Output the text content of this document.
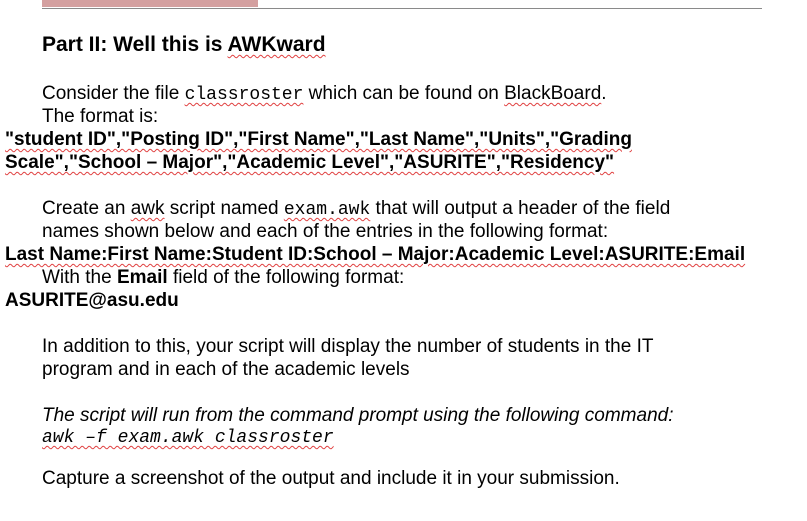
Part II: Well this is AWKward
Consider the file classroster which can be found on BlackBoard.
The format is:
"student ID","Posting ID","First Name","Last Name","Units","Grading
Scale","School – Major","Academic Level","ASURITE","Residency"
Create an awk script named exam.awk that will output a header of the field
names shown below and each of the entries in the following format:
Last Name:First Name:Student ID:School – Major:Academic Level:ASURITE:Email
With the Email field of the following format:
ASURITE@asu.edu
In addition to this, your script will display the number of students in the IT
program and in each of the academic levels
The script will run from the command prompt using the following command:
awk –f exam.awk classroster
Capture a screenshot of the output and include it in your submission.
